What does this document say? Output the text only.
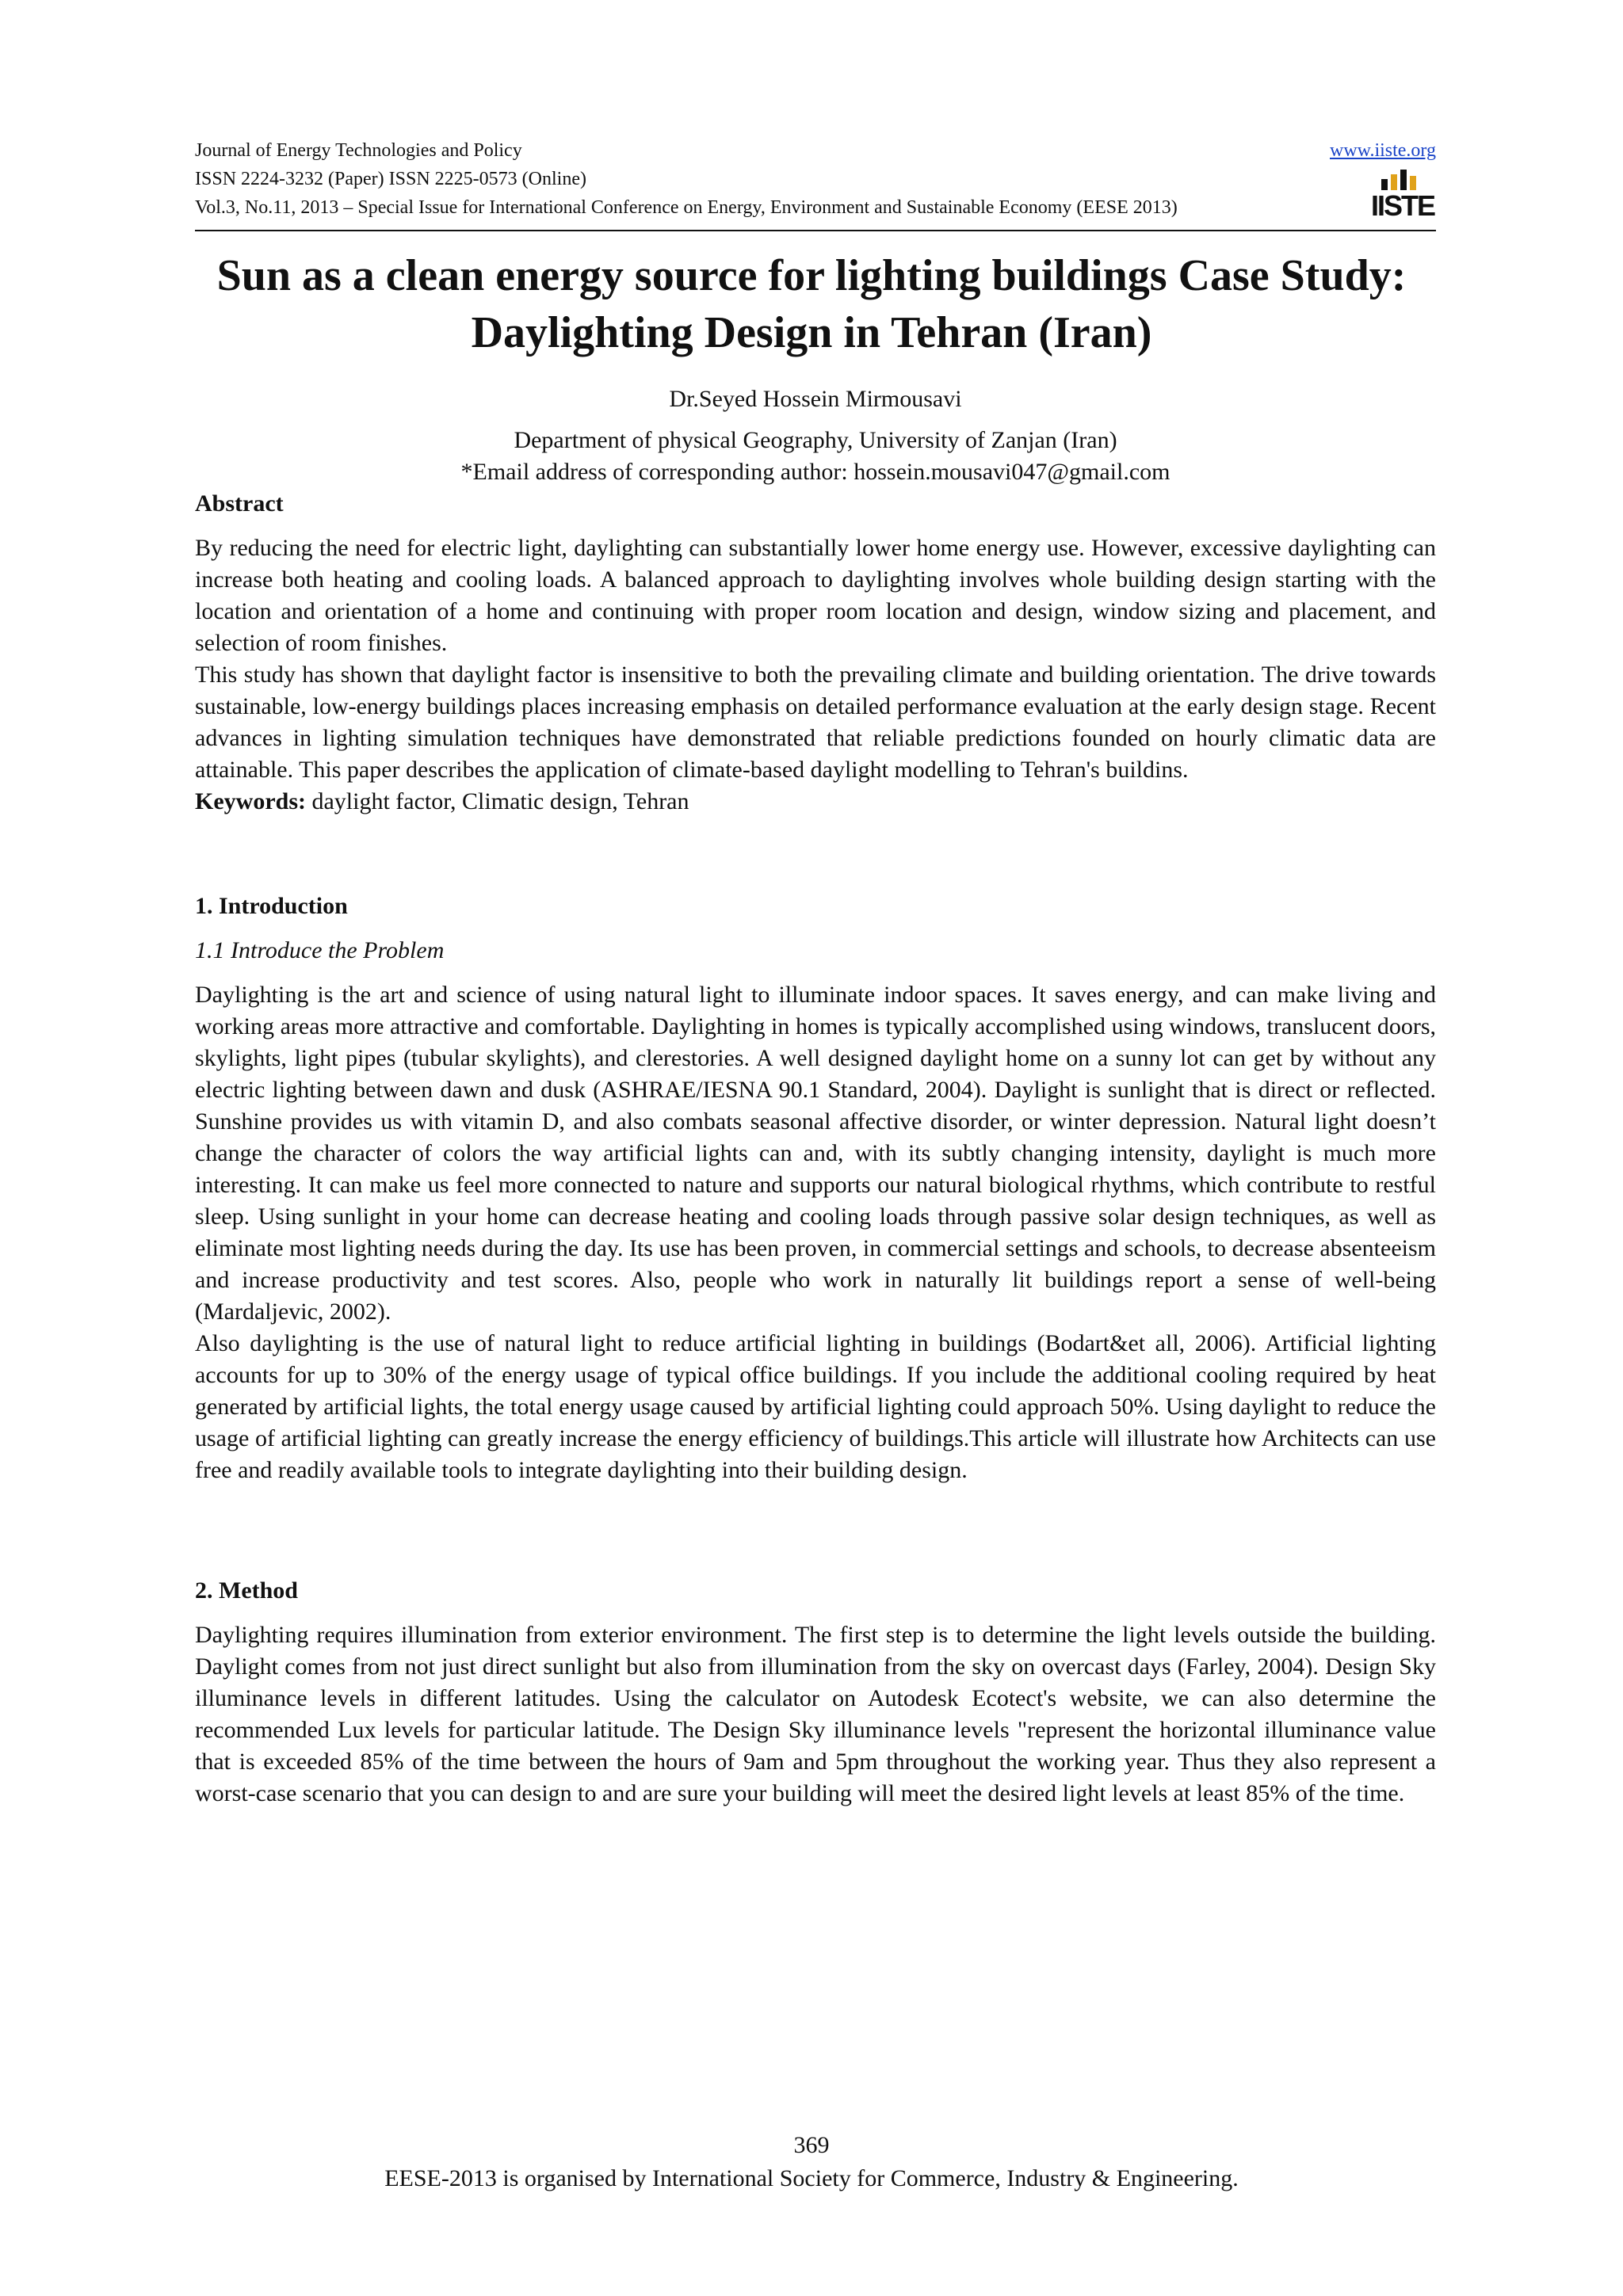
Journal of Energy Technologies and Policy	www.iiste.org
ISSN 2224-3232 (Paper) ISSN 2225-0573 (Online)
Vol.3, No.11, 2013 – Special Issue for International Conference on Energy, Environment and Sustainable Economy (EESE 2013)	IISTE
Sun as a clean energy source for lighting buildings Case Study: Daylighting Design in Tehran (Iran)
Dr.Seyed Hossein Mirmousavi
Department of physical Geography, University of Zanjan (Iran)
*Email address of corresponding author: hossein.mousavi047@gmail.com
Abstract

By reducing the need for electric light, daylighting can substantially lower home energy use. However, excessive daylighting can increase both heating and cooling loads. A balanced approach to daylighting involves whole building design starting with the location and orientation of a home and continuing with proper room location and design, window sizing and placement, and selection of room finishes.

This study has shown that daylight factor is insensitive to both the prevailing climate and building orientation. The drive towards sustainable, low-energy buildings places increasing emphasis on detailed performance evaluation at the early design stage. Recent advances in lighting simulation techniques have demonstrated that reliable predictions founded on hourly climatic data are attainable. This paper describes the application of climate-based daylight modelling to Tehran's buildins.

Keywords: daylight factor, Climatic design, Tehran

1. Introduction
1.1 Introduce the Problem

Daylighting is the art and science of using natural light to illuminate indoor spaces. It saves energy, and can make living and working areas more attractive and comfortable. Daylighting in homes is typically accomplished using windows, translucent doors, skylights, light pipes (tubular skylights), and clerestories. A well designed daylight home on a sunny lot can get by without any electric lighting between dawn and dusk (ASHRAE/IESNA 90.1 Standard, 2004). Daylight is sunlight that is direct or reflected. Sunshine provides us with vitamin D, and also combats seasonal affective disorder, or winter depression. Natural light doesn’t change the character of colors the way artificial lights can and, with its subtly changing intensity, daylight is much more interesting. It can make us feel more connected to nature and supports our natural biological rhythms, which contribute to restful sleep. Using sunlight in your home can decrease heating and cooling loads through passive solar design techniques, as well as eliminate most lighting needs during the day. Its use has been proven, in commercial settings and schools, to decrease absenteeism and increase productivity and test scores. Also, people who work in naturally lit buildings report a sense of well-being (Mardaljevic, 2002).

Also daylighting is the use of natural light to reduce artificial lighting in buildings (Bodart&et all, 2006). Artificial lighting accounts for up to 30% of the energy usage of typical office buildings. If you include the additional cooling required by heat generated by artificial lights, the total energy usage caused by artificial lighting could approach 50%. Using daylight to reduce the usage of artificial lighting can greatly increase the energy efficiency of buildings.This article will illustrate how Architects can use free and readily available tools to integrate daylighting into their building design.

2. Method

Daylighting requires illumination from exterior environment. The first step is to determine the light levels outside the building. Daylight comes from not just direct sunlight but also from illumination from the sky on overcast days (Farley, 2004). Design Sky illuminance levels in different latitudes. Using the calculator on Autodesk Ecotect's website, we can also determine the recommended Lux levels for particular latitude. The Design Sky illuminance levels "represent the horizontal illuminance value that is exceeded 85% of the time between the hours of 9am and 5pm throughout the working year. Thus they also represent a worst-case scenario that you can design to and are sure your building will meet the desired light levels at least 85% of the time.

369
EESE-2013 is organised by International Society for Commerce, Industry & Engineering.
